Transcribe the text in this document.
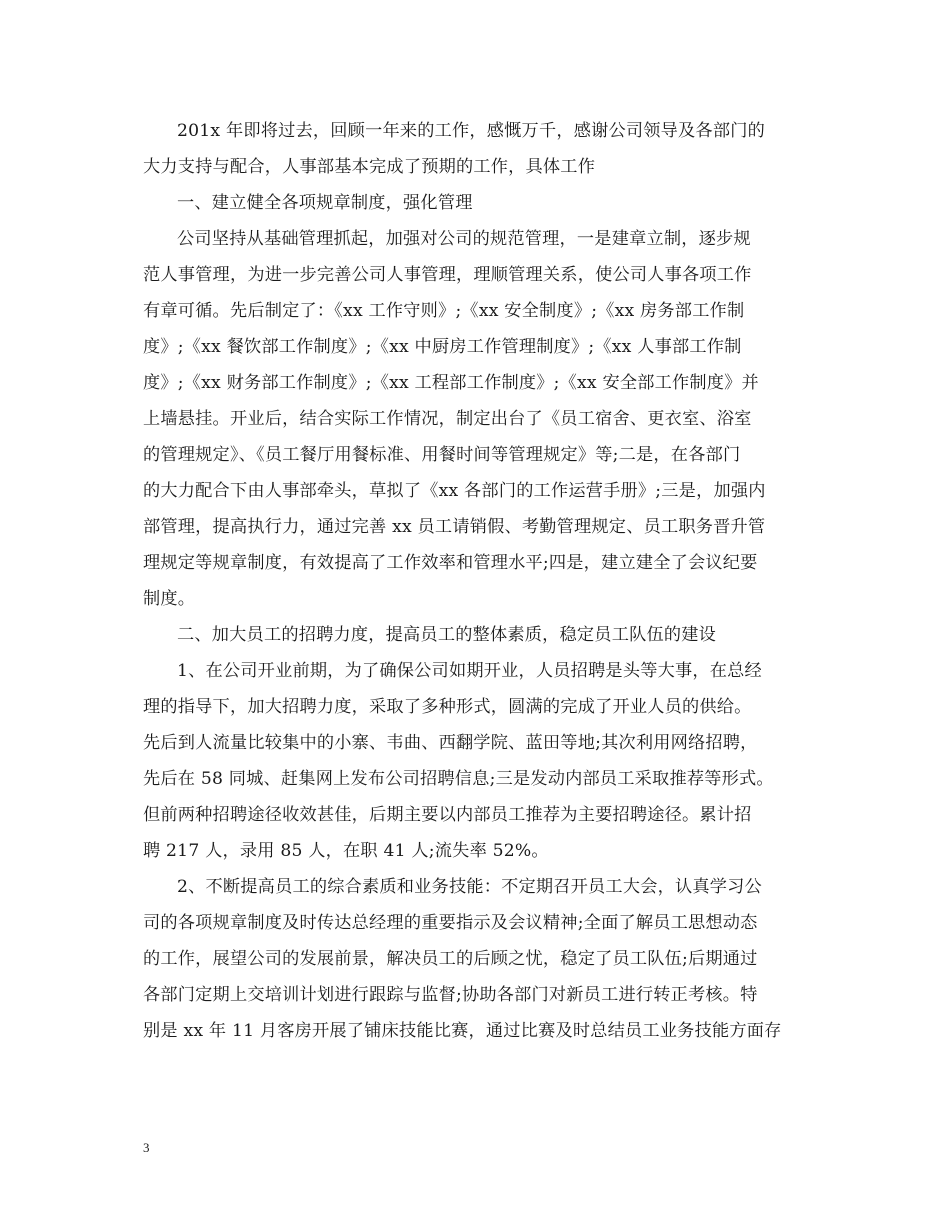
201x 年即将过去，回顾一年来的工作，感慨万千，感谢公司领导及各部门的
大力支持与配合，人事部基本完成了预期的工作，具体工作
一、建立健全各项规章制度，强化管理
公司坚持从基础管理抓起，加强对公司的规范管理，一是建章立制，逐步规
范人事管理，为进一步完善公司人事管理，理顺管理关系，使公司人事各项工作
有章可循。先后制定了：《xx 工作守则》;《xx 安全制度》;《xx 房务部工作制
度》;《xx 餐饮部工作制度》;《xx 中厨房工作管理制度》;《xx 人事部工作制
度》;《xx 财务部工作制度》;《xx 工程部工作制度》;《xx 安全部工作制度》并
上墙悬挂。开业后，结合实际工作情况，制定出台了《员工宿舍、更衣室、浴室
的管理规定》、《员工餐厅用餐标准、用餐时间等管理规定》等;二是，在各部门
的大力配合下由人事部牵头，草拟了《xx 各部门的工作运营手册》;三是，加强内
部管理，提高执行力，通过完善 xx 员工请销假、考勤管理规定、员工职务晋升管
理规定等规章制度，有效提高了工作效率和管理水平;四是，建立建全了会议纪要
制度。
二、加大员工的招聘力度，提高员工的整体素质，稳定员工队伍的建设
1、在公司开业前期，为了确保公司如期开业，人员招聘是头等大事，在总经
理的指导下，加大招聘力度，采取了多种形式，圆满的完成了开业人员的供给。
先后到人流量比较集中的小寨、韦曲、西翻学院、蓝田等地;其次利用网络招聘，
先后在 58 同城、赶集网上发布公司招聘信息;三是发动内部员工采取推荐等形式。
但前两种招聘途径收效甚佳，后期主要以内部员工推荐为主要招聘途径。累计招
聘 217 人，录用 85 人，在职 41 人;流失率 52%。
2、不断提高员工的综合素质和业务技能：不定期召开员工大会，认真学习公
司的各项规章制度及时传达总经理的重要指示及会议精神;全面了解员工思想动态
的工作，展望公司的发展前景，解决员工的后顾之忧，稳定了员工队伍;后期通过
各部门定期上交培训计划进行跟踪与监督;协助各部门对新员工进行转正考核。特
别是 xx 年 11 月客房开展了铺床技能比赛，通过比赛及时总结员工业务技能方面存
3
